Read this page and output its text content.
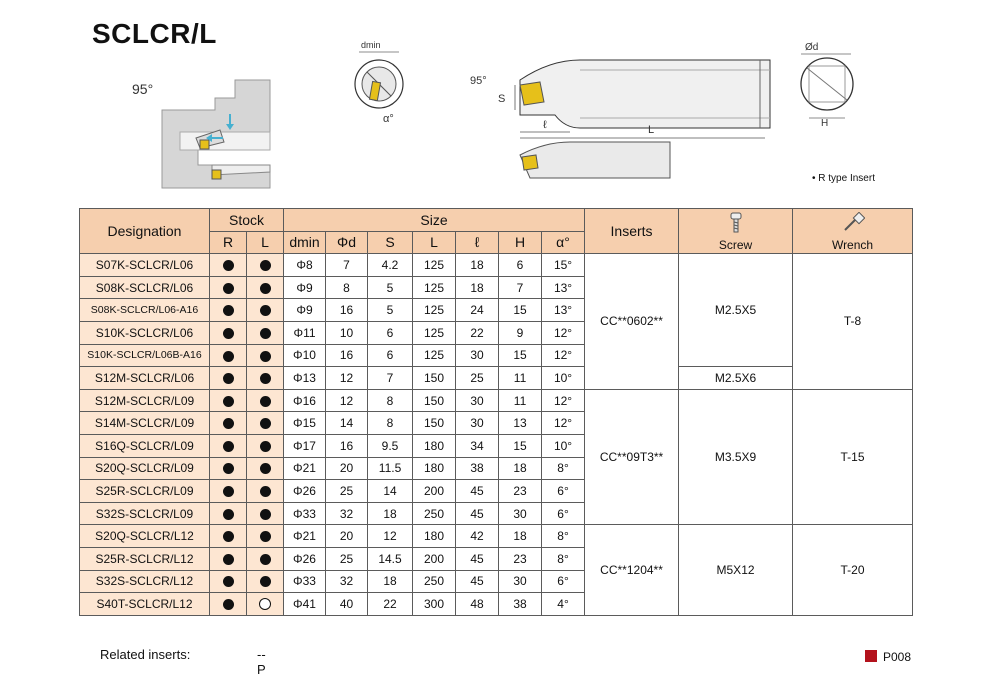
SCLCR/L
95°
dmin
α°
95°
S
ℓ	L
Ød
H
• R type Insert
Designation	Stock		Size							Inserts	Screw	Wrench
	R	L	dmin	Φd	S	L	ℓ	H	α°			
S07K-SCLCR/L06			Φ8	7	4.2	125	18	6	15°	CC**0602**	M2.5X5	T-8
S08K-SCLCR/L06			Φ9	8	5	125	18	7	13°			
S08K-SCLCR/L06-A16			Φ9	16	5	125	24	15	13°			
S10K-SCLCR/L06			Φ11	10	6	125	22	9	12°			
S10K-SCLCR/L06B-A16			Φ10	16	6	125	30	15	12°			
S12M-SCLCR/L06			Φ13	12	7	150	25	11	10°		M2.5X6	
S12M-SCLCR/L09			Φ16	12	8	150	30	11	12°	CC**09T3**	M3.5X9	T-15
S14M-SCLCR/L09			Φ15	14	8	150	30	13	12°			
S16Q-SCLCR/L09			Φ17	16	9.5	180	34	15	10°			
S20Q-SCLCR/L09			Φ21	20	11.5	180	38	18	8°			
S25R-SCLCR/L09			Φ26	25	14	200	45	23	6°			
S32S-SCLCR/L09			Φ33	32	18	250	45	30	6°			
S20Q-SCLCR/L12			Φ21	20	12	180	42	18	8°	CC**1204**	M5X12	T-20
S25R-SCLCR/L12			Φ26	25	14.5	200	45	23	8°			
S32S-SCLCR/L12			Φ33	32	18	250	45	30	6°			
S40T-SCLCR/L12			Φ41	40	22	300	48	38	4°			
Related inserts:	--P
P008
